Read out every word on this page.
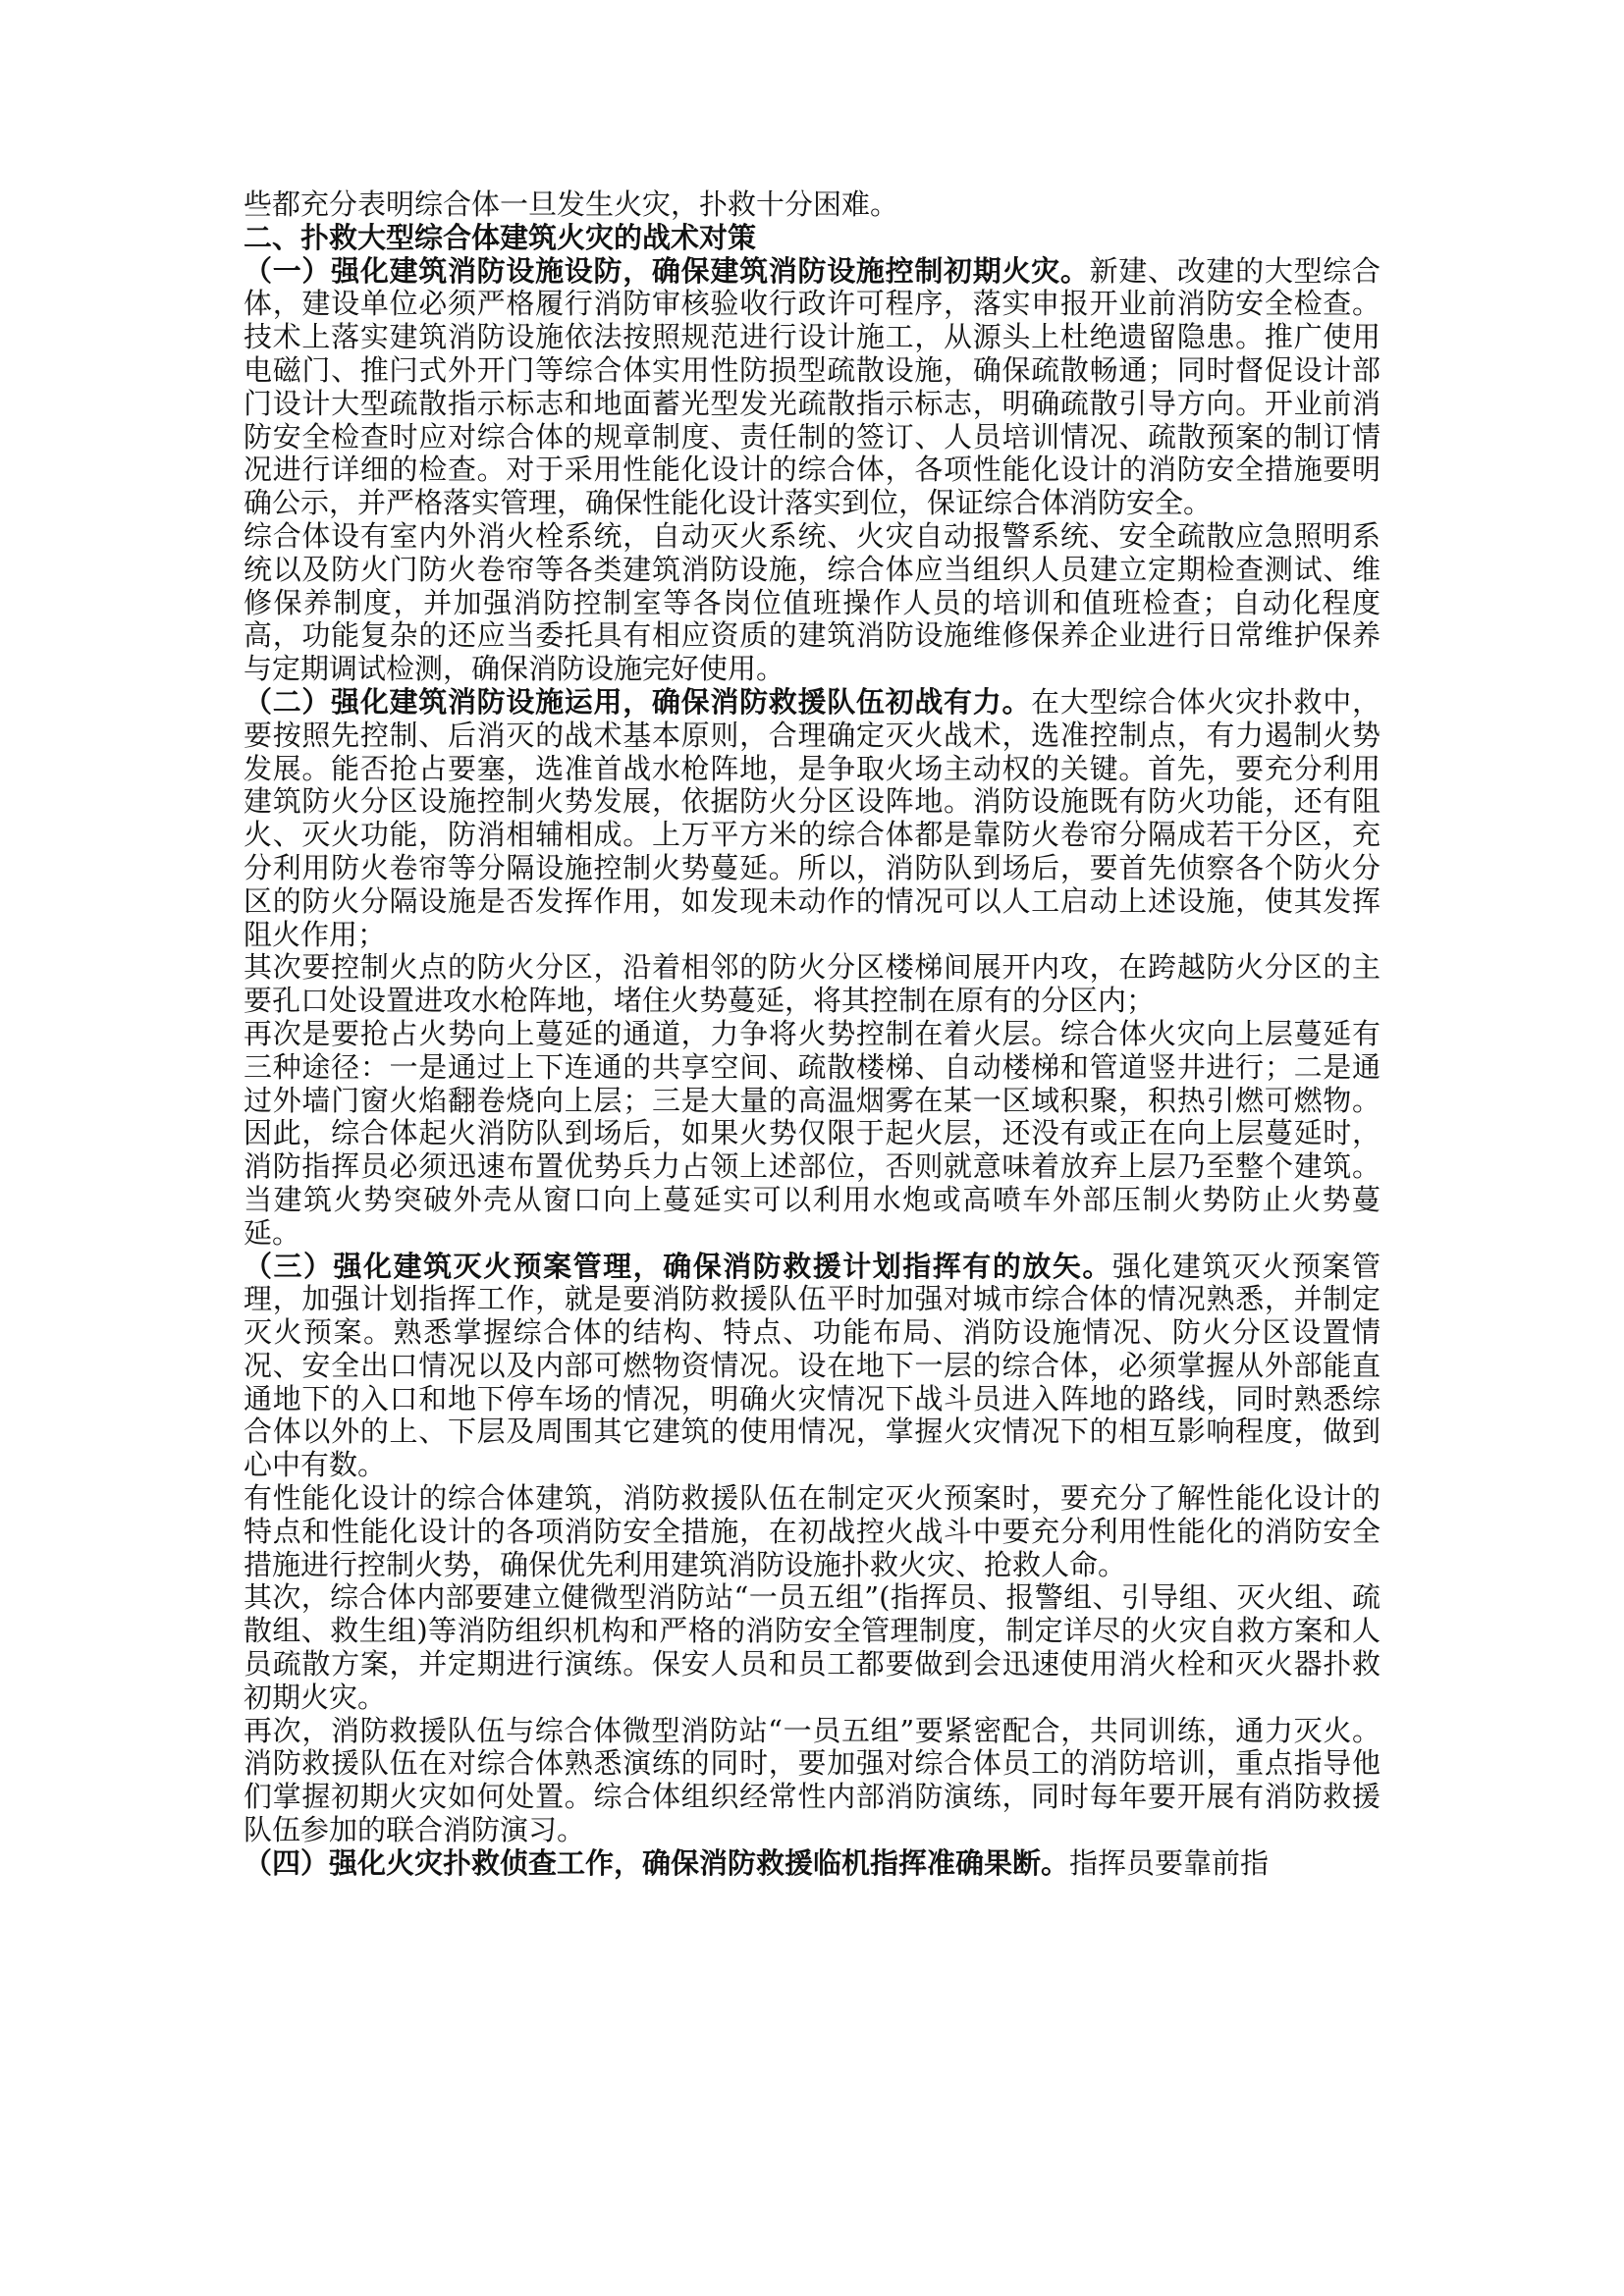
些都充分表明综合体一旦发生火灾，扑救十分困难。

二、扑救大型综合体建筑火灾的战术对策

（一）强化建筑消防设施设防，确保建筑消防设施控制初期火灾。新建、改建的大型综合体，建设单位必须严格履行消防审核验收行政许可程序，落实申报开业前消防安全检查。技术上落实建筑消防设施依法按照规范进行设计施工，从源头上杜绝遗留隐患。推广使用电磁门、推闩式外开门等综合体实用性防损型疏散设施，确保疏散畅通；同时督促设计部门设计大型疏散指示标志和地面蓄光型发光疏散指示标志，明确疏散引导方向。开业前消防安全检查时应对综合体的规章制度、责任制的签订、人员培训情况、疏散预案的制订情况进行详细的检查。对于采用性能化设计的综合体，各项性能化设计的消防安全措施要明确公示，并严格落实管理，确保性能化设计落实到位，保证综合体消防安全。

综合体设有室内外消火栓系统，自动灭火系统、火灾自动报警系统、安全疏散应急照明系统以及防火门防火卷帘等各类建筑消防设施，综合体应当组织人员建立定期检查测试、维修保养制度，并加强消防控制室等各岗位值班操作人员的培训和值班检查；自动化程度高，功能复杂的还应当委托具有相应资质的建筑消防设施维修保养企业进行日常维护保养与定期调试检测，确保消防设施完好使用。

（二）强化建筑消防设施运用，确保消防救援队伍初战有力。在大型综合体火灾扑救中，要按照先控制、后消灭的战术基本原则，合理确定灭火战术，选准控制点，有力遏制火势发展。能否抢占要塞，选准首战水枪阵地，是争取火场主动权的关键。首先，要充分利用建筑防火分区设施控制火势发展，依据防火分区设阵地。消防设施既有防火功能，还有阻火、灭火功能，防消相辅相成。上万平方米的综合体都是靠防火卷帘分隔成若干分区，充分利用防火卷帘等分隔设施控制火势蔓延。所以，消防队到场后，要首先侦察各个防火分区的防火分隔设施是否发挥作用，如发现未动作的情况可以人工启动上述设施，使其发挥阻火作用；

其次要控制火点的防火分区，沿着相邻的防火分区楼梯间展开内攻，在跨越防火分区的主要孔口处设置进攻水枪阵地，堵住火势蔓延，将其控制在原有的分区内；

再次是要抢占火势向上蔓延的通道，力争将火势控制在着火层。综合体火灾向上层蔓延有三种途径：一是通过上下连通的共享空间、疏散楼梯、自动楼梯和管道竖井进行；二是通过外墙门窗火焰翻卷烧向上层；三是大量的高温烟雾在某一区域积聚，积热引燃可燃物。因此，综合体起火消防队到场后，如果火势仅限于起火层，还没有或正在向上层蔓延时，消防指挥员必须迅速布置优势兵力占领上述部位，否则就意味着放弃上层乃至整个建筑。当建筑火势突破外壳从窗口向上蔓延实可以利用水炮或高喷车外部压制火势防止火势蔓延。

（三）强化建筑灭火预案管理，确保消防救援计划指挥有的放矢。强化建筑灭火预案管理，加强计划指挥工作，就是要消防救援队伍平时加强对城市综合体的情况熟悉，并制定灭火预案。熟悉掌握综合体的结构、特点、功能布局、消防设施情况、防火分区设置情况、安全出口情况以及内部可燃物资情况。设在地下一层的综合体，必须掌握从外部能直通地下的入口和地下停车场的情况，明确火灾情况下战斗员进入阵地的路线，同时熟悉综合体以外的上、下层及周围其它建筑的使用情况，掌握火灾情况下的相互影响程度，做到心中有数。

有性能化设计的综合体建筑，消防救援队伍在制定灭火预案时，要充分了解性能化设计的特点和性能化设计的各项消防安全措施，在初战控火战斗中要充分利用性能化的消防安全措施进行控制火势，确保优先利用建筑消防设施扑救火灾、抢救人命。

其次，综合体内部要建立健微型消防站“一员五组”(指挥员、报警组、引导组、灭火组、疏散组、救生组)等消防组织机构和严格的消防安全管理制度，制定详尽的火灾自救方案和人员疏散方案，并定期进行演练。保安人员和员工都要做到会迅速使用消火栓和灭火器扑救初期火灾。

再次，消防救援队伍与综合体微型消防站“一员五组”要紧密配合，共同训练，通力灭火。消防救援队伍在对综合体熟悉演练的同时，要加强对综合体员工的消防培训，重点指导他们掌握初期火灾如何处置。综合体组织经常性内部消防演练，同时每年要开展有消防救援队伍参加的联合消防演习。

（四）强化火灾扑救侦查工作，确保消防救援临机指挥准确果断。指挥员要靠前指
